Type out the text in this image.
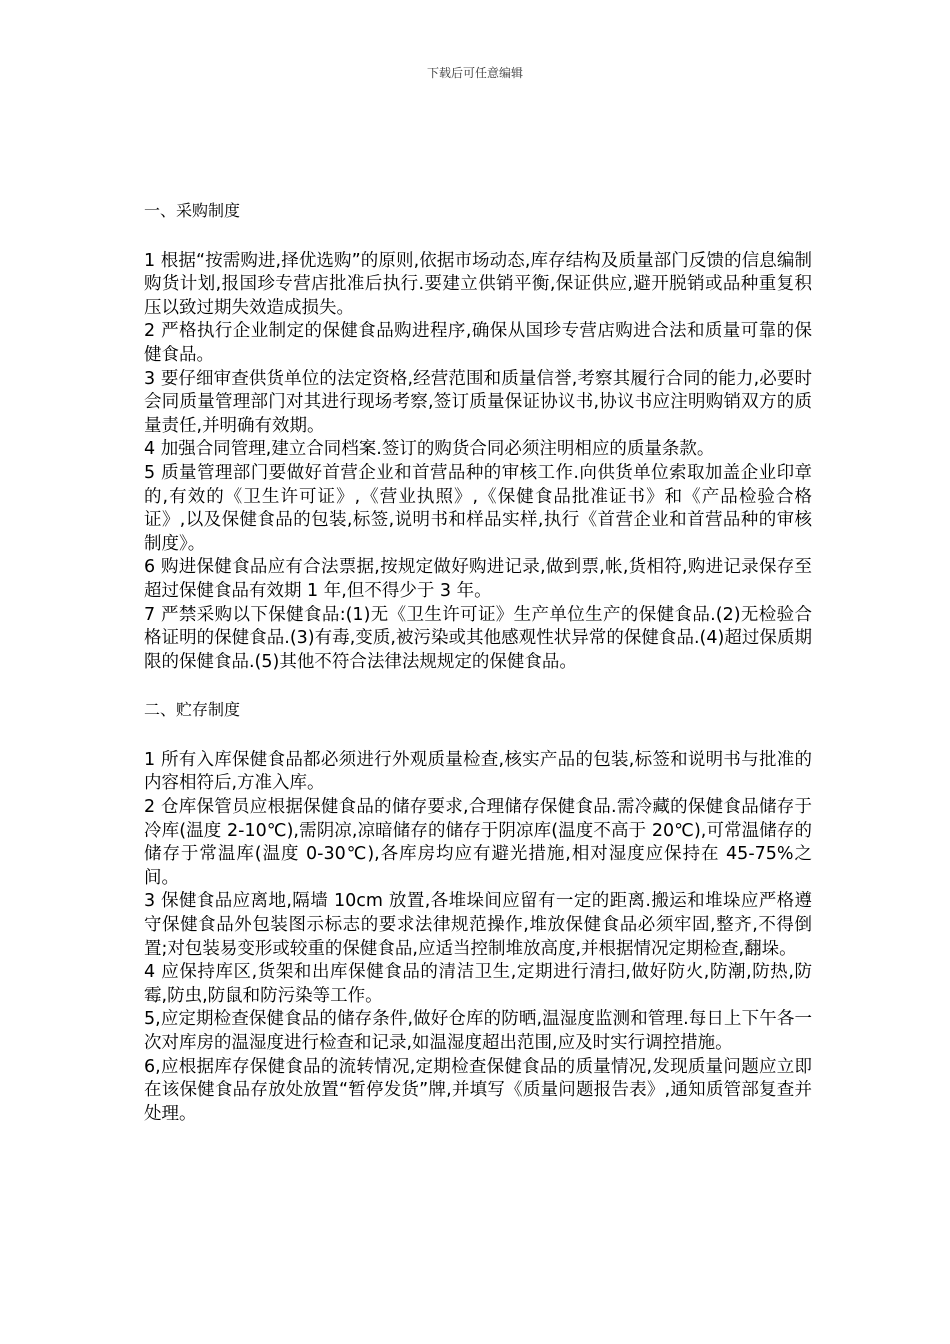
下载后可任意编辑

一、采购制度

1 根据“按需购进,择优选购”的原则,依据市场动态,库存结构及质量部门反馈的信息编制购货计划,报国珍专营店批准后执行.要建立供销平衡,保证供应,避开脱销或品种重复积压以致过期失效造成损失。

2 严格执行企业制定的保健食品购进程序,确保从国珍专营店购进合法和质量可靠的保健食品。

3 要仔细审查供货单位的法定资格,经营范围和质量信誉,考察其履行合同的能力,必要时会同质量管理部门对其进行现场考察,签订质量保证协议书,协议书应注明购销双方的质量责任,并明确有效期。

4 加强合同管理,建立合同档案.签订的购货合同必须注明相应的质量条款。

5 质量管理部门要做好首营企业和首营品种的审核工作.向供货单位索取加盖企业印章的,有效的《卫生许可证》,《营业执照》,《保健食品批准证书》和《产品检验合格证》,以及保健食品的包装,标签,说明书和样品实样,执行《首营企业和首营品种的审核制度》。

6 购进保健食品应有合法票据,按规定做好购进记录,做到票,帐,货相符,购进记录保存至超过保健食品有效期 1 年,但不得少于 3 年。

7 严禁采购以下保健食品:(1)无《卫生许可证》生产单位生产的保健食品.(2)无检验合格证明的保健食品.(3)有毒,变质,被污染或其他感观性状异常的保健食品.(4)超过保质期限的保健食品.(5)其他不符合法律法规规定的保健食品。

二、贮存制度

1 所有入库保健食品都必须进行外观质量检查,核实产品的包装,标签和说明书与批准的内容相符后,方准入库。

2 仓库保管员应根据保健食品的储存要求,合理储存保健食品.需冷藏的保健食品储存于冷库(温度 2-10℃),需阴凉,凉暗储存的储存于阴凉库(温度不高于 20℃),可常温储存的储存于常温库(温度 0-30℃),各库房均应有避光措施,相对湿度应保持在 45-75%之间。

3 保健食品应离地,隔墙 10cm 放置,各堆垛间应留有一定的距离.搬运和堆垛应严格遵守保健食品外包装图示标志的要求法律规范操作,堆放保健食品必须牢固,整齐,不得倒置;对包装易变形或较重的保健食品,应适当控制堆放高度,并根据情况定期检查,翻垛。

4 应保持库区,货架和出库保健食品的清洁卫生,定期进行清扫,做好防火,防潮,防热,防霉,防虫,防鼠和防污染等工作。

5,应定期检查保健食品的储存条件,做好仓库的防晒,温湿度监测和管理.每日上下午各一次对库房的温湿度进行检查和记录,如温湿度超出范围,应及时实行调控措施。

6,应根据库存保健食品的流转情况,定期检查保健食品的质量情况,发现质量问题应立即在该保健食品存放处放置“暂停发货”牌,并填写《质量问题报告表》,通知质管部复查并处理。
